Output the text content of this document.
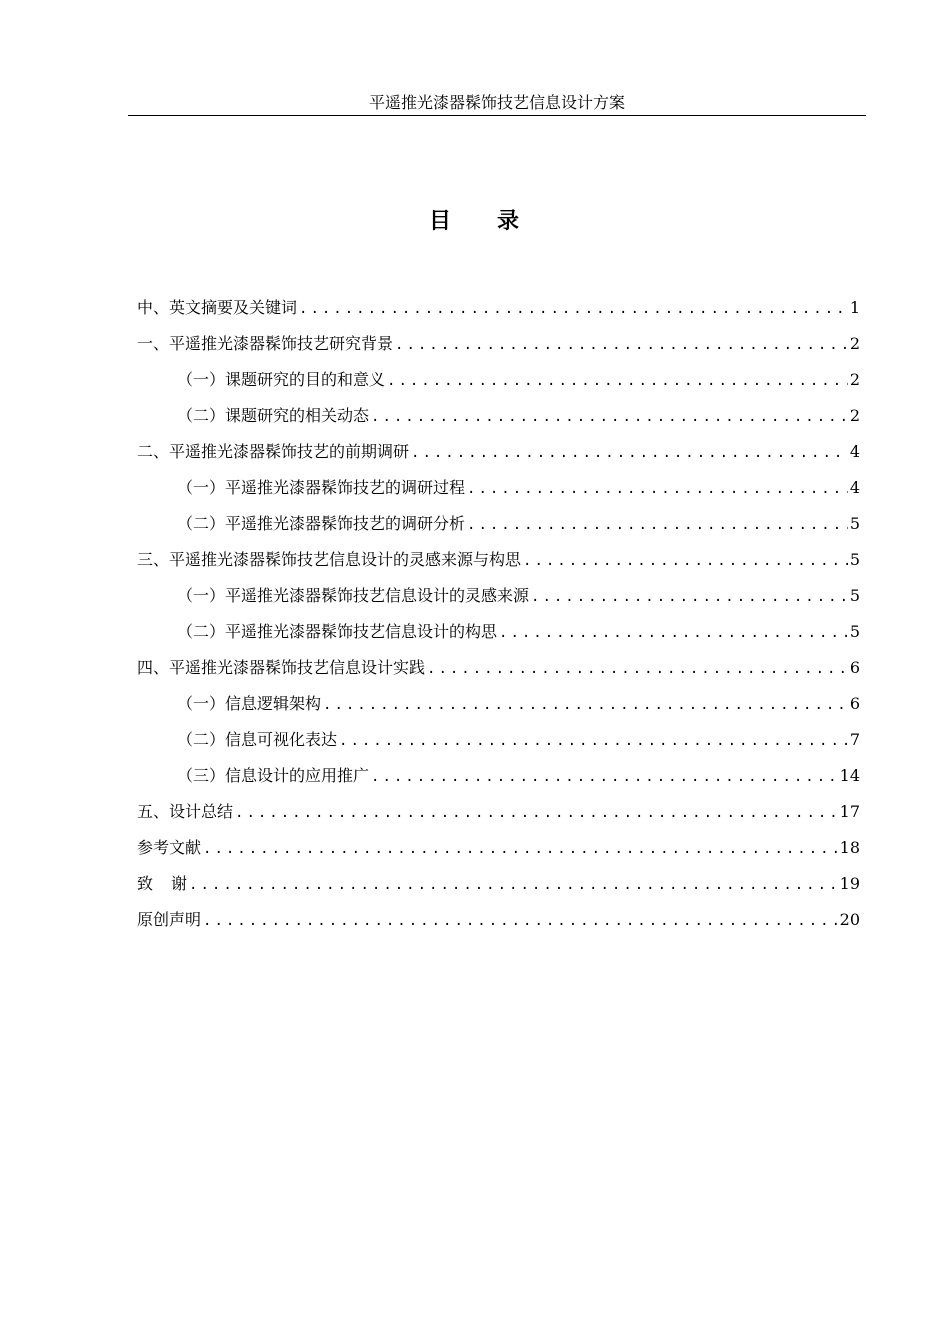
平遥推光漆器髹饰技艺信息设计方案
目 录
中、英文摘要及关键词 .....	1
一、平遥推光漆器髹饰技艺研究背景 .....	2
（一）课题研究的目的和意义 .....	2
（二）课题研究的相关动态 .....	2
二、平遥推光漆器髹饰技艺的前期调研 .....	4
（一）平遥推光漆器髹饰技艺的调研过程 .....	4
（二）平遥推光漆器髹饰技艺的调研分析 .....	5
三、平遥推光漆器髹饰技艺信息设计的灵感来源与构思 .....	5
（一）平遥推光漆器髹饰技艺信息设计的灵感来源 .....	5
（二）平遥推光漆器髹饰技艺信息设计的构思 .....	5
四、平遥推光漆器髹饰技艺信息设计实践 .....	6
（一）信息逻辑架构 .....	6
（二）信息可视化表达 .....	7
（三）信息设计的应用推广 .....	14
五、设计总结 .....	17
参考文献 .....	18
致 谢 .....	19
原创声明 .....	20
